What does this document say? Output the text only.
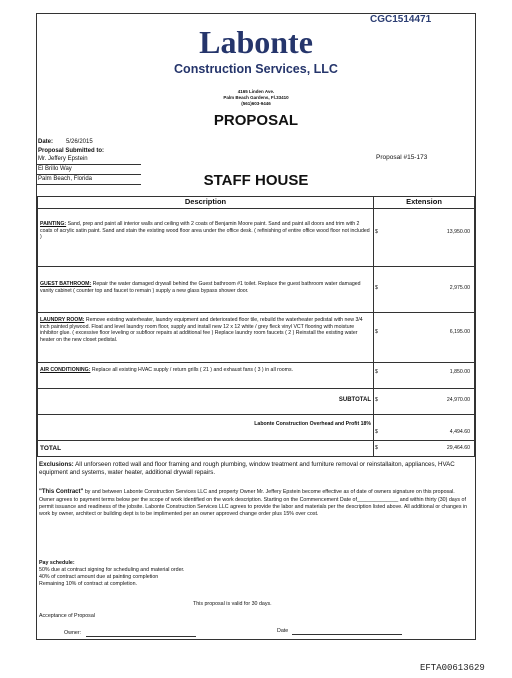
CGC1514471
Labonte
Construction Services, LLC
4165 Linden Ave.
Palm Beach Gardens, Fl.33410
(561)603-9446
PROPOSAL
Date: 5/26/2015
Proposal Submitted to:
Mr. Jeffery Epstein
El Brillo Way
Palm Beach, Florida
Proposal #15-173
STAFF HOUSE
Description	Extension	
PAINTING: Sand, prep and paint all interior walls and ceiling with 2 coats of Benjamin Moore paint. Sand and paint all doors and trim with 2 coats of acrylic satin paint. Sand and stain the existing wood floor area under the office desk. ( refinishing of entire office wood floor not included )	$	13,950.00
GUEST BATHROOM: Repair the water damaged drywall behind the Guest bathroom #1 toilet. Replace the guest bathroom water damaged vanity cabinet ( counter top and faucet to remain ) supply a new glass bypass shower door.	$	2,975.00
LAUNDRY ROOM: Remove existing waterheater, laundry equipment and deteriorated floor tile, rebuild the waterheater pedistal with new 3/4 inch painted plywood. Float and level laundry room floor, supply and install new 12 x 12 white / grey fleck vinyl VCT flooring with moisture inhibitor glue. ( excessive floor leveling or subfloor repairs at additional fee ) Replace laundry room faucets ( 2 ) Reinstall the existing water heater on the new closet pedistal.	$	6,195.00
AIR CONDITIONING: Replace all existing HVAC supply / return grills ( 21 ) and exhaust fans ( 3 ) in all rooms.	$	1,850.00
SUBTOTAL	$	24,970.00
Labonte Construction Overhead and Profit 18%	$	4,494.60
TOTAL	$	29,464.60
Exclusions: All unforseen rotted wall and floor framing and rough plumbing, window treatment and furniture removal or reinstallaiton, appliances, HVAC equipment and systems, water heater, additional drywall repairs.
"This Contract" by and between Labonte Construction Services LLC and property Owner Mr. Jeffery Epstein become effective as of date of owners signature on this proposal. Owner agrees to payment terms below per the scope of work identified on the work description. Starting on the Commencement Date of______________ and within thirty (30) days of permit issuance and readiness of the jobsite. Labonte Construction Services LLC agrees to provide the labor and materials per the description listed above. All additional or changes in work by owner, architect or building dept is to be implimented per an owner approved change order plus 15% over cost.
Pay schedule:
50% due at contract signing for scheduling and material order.
40% of contract amount due at painting completion
Remaining 10% of contract at completion.
This proposal is valid for 30 days.
Acceptance of Proposal
Owner:	Date
EFTA00613629
